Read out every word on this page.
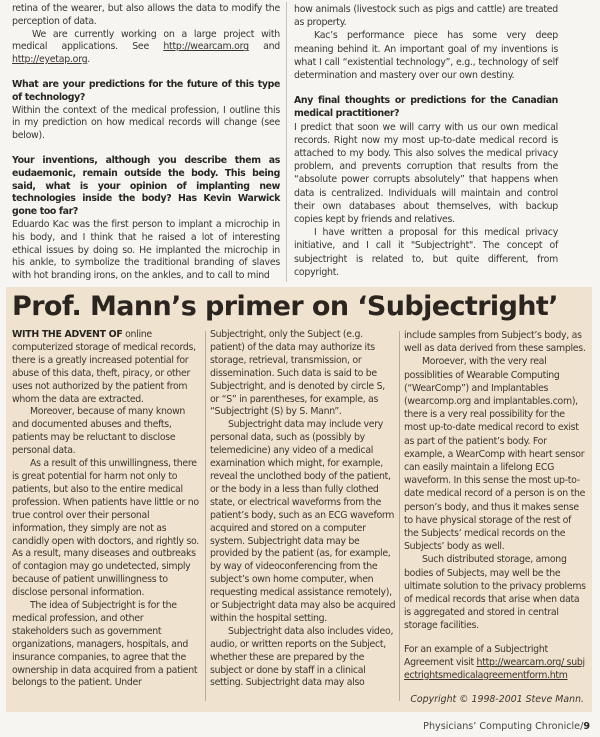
retina of the wearer, but also allows the data to modify the perception of data.

We are currently working on a large project with medical applications. See http://wearcam.org and http://eyetap.org.

What are your predictions for the future of this type of technology?

Within the context of the medical profession, I outline this in my prediction on how medical records will change (see below).

Your inventions, although you describe them as eudaemonic, remain outside the body. This being said, what is your opinion of implanting new technologies inside the body? Has Kevin Warwick gone too far?

Eduardo Kac was the first person to implant a microchip in his body, and I think that he raised a lot of interesting ethical issues by doing so. He implanted the microchip in his ankle, to symbolize the traditional branding of slaves with hot branding irons, on the ankles, and to call to mind

how animals (livestock such as pigs and cattle) are treated as property.

Kac’s performance piece has some very deep meaning behind it. An important goal of my inventions is what I call “existential technology”, e.g., technology of self determination and mastery over our own destiny.

Any final thoughts or predictions for the Canadian medical practitioner?

I predict that soon we will carry with us our own medical records. Right now my most up-to-date medical record is attached to my body. This also solves the medical privacy problem, and prevents corruption that results from the “absolute power corrupts absolutely” that happens when data is centralized. Individuals will maintain and control their own databases about themselves, with backup copies kept by friends and relatives.

I have written a proposal for this medical privacy initiative, and I call it "Subjectright". The concept of subjectright is related to, but quite different, from copyright.

Prof. Mann’s primer on ‘Subjectright’

WITH THE ADVENT OF online computerized storage of medical records, there is a greatly increased potential for abuse of this data, theft, piracy, or other uses not authorized by the patient from whom the data are extracted.

Moreover, because of many known and documented abuses and thefts, patients may be reluctant to disclose personal data.

As a result of this unwillingness, there is great potential for harm not only to patients, but also to the entire medical profession. When patients have little or no true control over their personal information, they simply are not as candidly open with doctors, and rightly so. As a result, many diseases and outbreaks of contagion may go undetected, simply because of patient unwillingness to disclose personal information.

The idea of Subjectright is for the medical profession, and other stakeholders such as government organizations, managers, hospitals, and insurance companies, to agree that the ownership in data acquired from a patient belongs to the patient. Under

Subjectright, only the Subject (e.g. patient) of the data may authorize its storage, retrieval, transmission, or dissemination. Such data is said to be Subjectright, and is denoted by circle S, or “S” in parentheses, for example, as “Subjectright (S) by S. Mann”.

Subjectright data may include very personal data, such as (possibly by telemedicine) any video of a medical examination which might, for example, reveal the unclothed body of the patient, or the body in a less than fully clothed state, or electrical waveforms from the patient’s body, such as an ECG waveform acquired and stored on a computer system. Subjectright data may be provided by the patient (as, for example, by way of videoconferencing from the subject’s own home computer, when requesting medical assistance remotely), or Subjectright data may also be acquired within the hospital setting.

Subjectright data also includes video, audio, or written reports on the Subject, whether these are prepared by the subject or done by staff in a clinical setting. Subjectright data may also

include samples from Subject’s body, as well as data derived from these samples.

Moroever, with the very real possiblities of Wearable Computing (“WearComp”) and Implantables (wearcomp.org and implantables.com), there is a very real possibility for the most up-to-date medical record to exist as part of the patient’s body. For example, a WearComp with heart sensor can easily maintain a lifelong ECG waveform. In this sense the most up-to-date medical record of a person is on the person’s body, and thus it makes sense to have physical storage of the rest of the Subjects’ medical records on the Subjects’ body as well.

Such distributed storage, among bodies of Subjects, may well be the ultimate solution to the privacy problems of medical records that arise when data is aggregated and stored in central storage facilities.

For an example of a Subjectright Agreement visit http://wearcam.org/ subjectrightsmedicalagreementform.htm

Copyright © 1998-2001 Steve Mann.
Physicians’ Computing Chronicle/9
